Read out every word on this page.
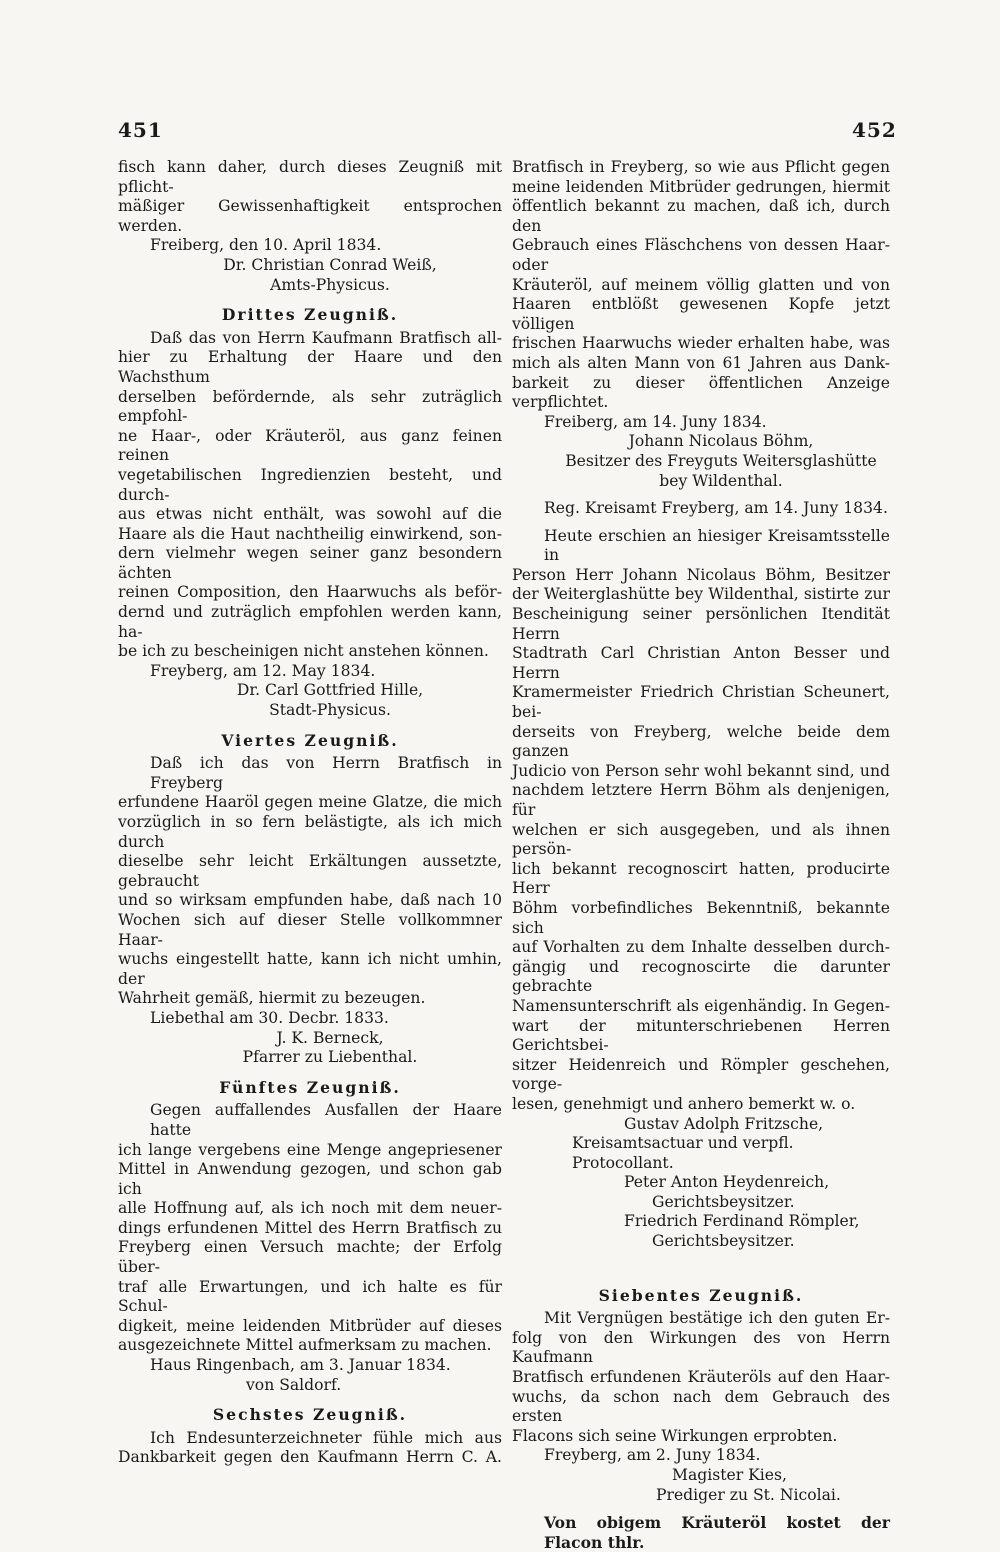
451	452

fisch kann daher, durch dieses Zeugniß mit pflicht-

mäßiger Gewissenhaftigkeit entsprochen werden.

Freiberg, den 10. April 1834.

Dr. Christian Conrad Weiß,

Amts-Physicus.

Drittes Zeugniß.

Daß das von Herrn Kaufmann Bratfisch all-

hier zu Erhaltung der Haare und den Wachsthum

derselben befördernde, als sehr zuträglich empfohl-

ne Haar-, oder Kräuteröl, aus ganz feinen reinen

vegetabilischen Ingredienzien besteht, und durch-

aus etwas nicht enthält, was sowohl auf die

Haare als die Haut nachtheilig einwirkend, son-

dern vielmehr wegen seiner ganz besondern ächten

reinen Composition, den Haarwuchs als beför-

dernd und zuträglich empfohlen werden kann, ha-

be ich zu bescheinigen nicht anstehen können.

Freyberg, am 12. May 1834.

Dr. Carl Gottfried Hille,

Stadt-Physicus.

Viertes Zeugniß.

Daß ich das von Herrn Bratfisch in Freyberg

erfundene Haaröl gegen meine Glatze, die mich

vorzüglich in so fern belästigte, als ich mich durch

dieselbe sehr leicht Erkältungen aussetzte, gebraucht

und so wirksam empfunden habe, daß nach 10

Wochen sich auf dieser Stelle vollkommner Haar-

wuchs eingestellt hatte, kann ich nicht umhin, der

Wahrheit gemäß, hiermit zu bezeugen.

Liebethal am 30. Decbr. 1833.

J. K. Berneck,

Pfarrer zu Liebenthal.

Fünftes Zeugniß.

Gegen auffallendes Ausfallen der Haare hatte

ich lange vergebens eine Menge angepriesener

Mittel in Anwendung gezogen, und schon gab ich

alle Hoffnung auf, als ich noch mit dem neuer-

dings erfundenen Mittel des Herrn Bratfisch zu

Freyberg einen Versuch machte; der Erfolg über-

traf alle Erwartungen, und ich halte es für Schul-

digkeit, meine leidenden Mitbrüder auf dieses

ausgezeichnete Mittel aufmerksam zu machen.

Haus Ringenbach, am 3. Januar 1834.

von Saldorf.

Sechstes Zeugniß.

Ich Endesunterzeichneter fühle mich aus

Dankbarkeit gegen den Kaufmann Herrn C. A.

Bratfisch in Freyberg, so wie aus Pflicht gegen

meine leidenden Mitbrüder gedrungen, hiermit

öffentlich bekannt zu machen, daß ich, durch den

Gebrauch eines Fläschchens von dessen Haar- oder

Kräuteröl, auf meinem völlig glatten und von

Haaren entblößt gewesenen Kopfe jetzt völligen

frischen Haarwuchs wieder erhalten habe, was

mich als alten Mann von 61 Jahren aus Dank-

barkeit zu dieser öffentlichen Anzeige verpflichtet.

Freiberg, am 14. Juny 1834.

Johann Nicolaus Böhm,

Besitzer des Freyguts Weitersglashütte

bey Wildenthal.

Reg. Kreisamt Freyberg, am 14. Juny 1834.

Heute erschien an hiesiger Kreisamtsstelle in

Person Herr Johann Nicolaus Böhm, Besitzer

der Weiterglashütte bey Wildenthal, sistirte zur

Bescheinigung seiner persönlichen Itendität Herrn

Stadtrath Carl Christian Anton Besser und Herrn

Kramermeister Friedrich Christian Scheunert, bei-

derseits von Freyberg, welche beide dem ganzen

Judicio von Person sehr wohl bekannt sind, und

nachdem letztere Herrn Böhm als denjenigen, für

welchen er sich ausgegeben, und als ihnen persön-

lich bekannt recognoscirt hatten, producirte Herr

Böhm vorbefindliches Bekenntniß, bekannte sich

auf Vorhalten zu dem Inhalte desselben durch-

gängig und recognoscirte die darunter gebrachte

Namensunterschrift als eigenhändig. In Gegen-

wart der mitunterschriebenen Herren Gerichtsbei-

sitzer Heidenreich und Römpler geschehen, vorge-

lesen, genehmigt und anhero bemerkt w. o.

Gustav Adolph Fritzsche,

Kreisamtsactuar und verpfl. Protocollant.

Peter Anton Heydenreich,

Gerichtsbeysitzer.

Friedrich Ferdinand Römpler,

Gerichtsbeysitzer.

Siebentes Zeugniß.

Mit Vergnügen bestätige ich den guten Er-

folg von den Wirkungen des von Herrn Kaufmann

Bratfisch erfundenen Kräuteröls auf den Haar-

wuchs, da schon nach dem Gebrauch des ersten

Flacons sich seine Wirkungen erprobten.

Freyberg, am 2. Juny 1834.

Magister Kies,

Prediger zu St. Nicolai.

Von obigem Kräuteröl kostet der Flacon thlr.
